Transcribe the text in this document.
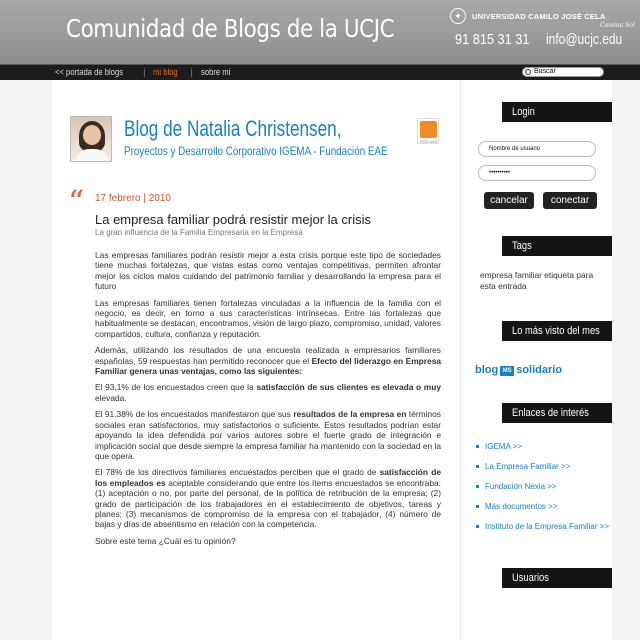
Comunidad de Blogs de la UCJC	✦	UNIVERSIDAD CAMILO JOSÉ CELA
Camina Sol
91 815 31 31 info@ucjc.edu
<< portada de blogs	| mi blog	| sobre mi	Buscar
Blog de Natalia Christensen,
Proyectos y Desarrollo Corporativo IGEMA - Fundación EAE
RSS feed
“ 17 febrero | 2010
La empresa familiar podrá resistir mejor la crisis
La gran influencia de la Familia Empresaria en la Empresa

Las empresas familiares podrán resistir mejor a esta crisis porque este tipo de sociedades tiene muchas fortalezas, que vistas estas como ventajas competitivas, permiten afrontar mejor los ciclos malos cuidando del patrimonio familiar y desarrollando la empresa para el futuro

Las empresas familiares tienen fortalezas vinculadas a la influencia de la familia con el negocio, es decir, en torno a sus características intrínsecas. Entre las fortalezas que habitualmente se destacan, encontramos, visión de largo plazo, compromiso, unidad, valores compartidos, cultura, confianza y reputación.

Además, utilizando los resultados de una encuesta realizada a empresarios familiares españolas, 59 respuestas han permitido reconocer que el Efecto del liderazgo en Empresa Familiar genera unas ventajas, como las siguientes:

El 93,1% de los encuestados creen que la satisfacción de sus clientes es elevada o muy elevada.

El 91.38% de los encuestados manifestaron que sus resultados de la empresa en términos sociales eran satisfactorios, muy satisfactorios o suficiente. Estos resultados podrían estar apoyando la idea defendida por varios autores sobre el fuerte grado de integración e implicación social que desde siempre la empresa familiar ha mantenido con la sociedad en la que opera.

El 78% de los directivos familiares encuestados perciben que el grado de satisfacción de los empleados es aceptable considerando que entre los ítems encuestados se encontraba: (1) aceptación o no, por parte del personal, de la política de retribución de la empresa; (2) grado de participación de los trabajadores en el establecimiento de objetivos, tareas y planes; (3) mecanismos de compromiso de la empresa con el trabajador, (4) número de bajas y días de absentismo en relación con la competencia.

Sobre este tema ¿Cuál es tu opinión?

Login
Nombre de usuario
••••••••••
cancelar	conectar
Tags
empresa familiar etiqueta para esta entrada
Lo más visto del mes
blog MS solidario
Enlaces de interés
IGEMA >>
La Empresa Familiar >>
Fundación Nexia >>
Más documentos >>
Instituto de la Empresa Familiar >>
Usuarios
